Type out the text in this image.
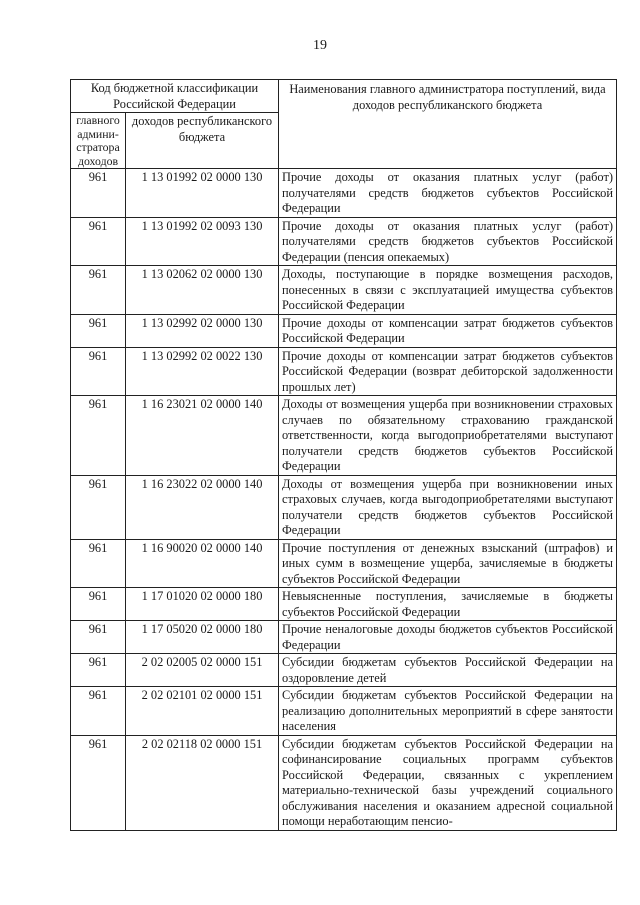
19
Код бюджетной классификации Российской Федерации		Наименования главного администратора поступлений, вида доходов республиканского бюджета
главного админи-стратора доходов	доходов республиканского бюджета	
961	1 13 01992 02 0000 130	Прочие доходы от оказания платных услуг (работ) получателями средств бюджетов субъектов Российской Федерации
961	1 13 01992 02 0093 130	Прочие доходы от оказания платных услуг (работ) получателями средств бюджетов субъектов Российской Федерации (пенсия опекаемых)
961	1 13 02062 02 0000 130	Доходы, поступающие в порядке возмещения расходов, понесенных в связи с эксплуатацией имущества субъектов Российской Федерации
961	1 13 02992 02 0000 130	Прочие доходы от компенсации затрат бюджетов субъектов Российской Федерации
961	1 13 02992 02 0022 130	Прочие доходы от компенсации затрат бюджетов субъектов Российской Федерации (возврат дебиторской задолженности прошлых лет)
961	1 16 23021 02 0000 140	Доходы от возмещения ущерба при возникновении страховых случаев по обязательному страхованию гражданской ответственности, когда выгодоприобретателями выступают получатели средств бюджетов субъектов Российской Федерации
961	1 16 23022 02 0000 140	Доходы от возмещения ущерба при возникновении иных страховых случаев, когда выгодоприобретателями выступают получатели средств бюджетов субъектов Российской Федерации
961	1 16 90020 02 0000 140	Прочие поступления от денежных взысканий (штрафов) и иных сумм в возмещение ущерба, зачисляемые в бюджеты субъектов Российской Федерации
961	1 17 01020 02 0000 180	Невыясненные поступления, зачисляемые в бюджеты субъектов Российской Федерации
961	1 17 05020 02 0000 180	Прочие неналоговые доходы бюджетов субъектов Российской Федерации
961	2 02 02005 02 0000 151	Субсидии бюджетам субъектов Российской Федерации на оздоровление детей
961	2 02 02101 02 0000 151	Субсидии бюджетам субъектов Российской Федерации на реализацию дополнительных мероприятий в сфере занятости населения
961	2 02 02118 02 0000 151	Субсидии бюджетам субъектов Российской Федерации на софинансирование социальных программ субъектов Российской Федерации, связанных с укреплением материально-технической базы учреждений социального обслуживания населения и оказанием адресной социальной помощи неработающим пенсио-
